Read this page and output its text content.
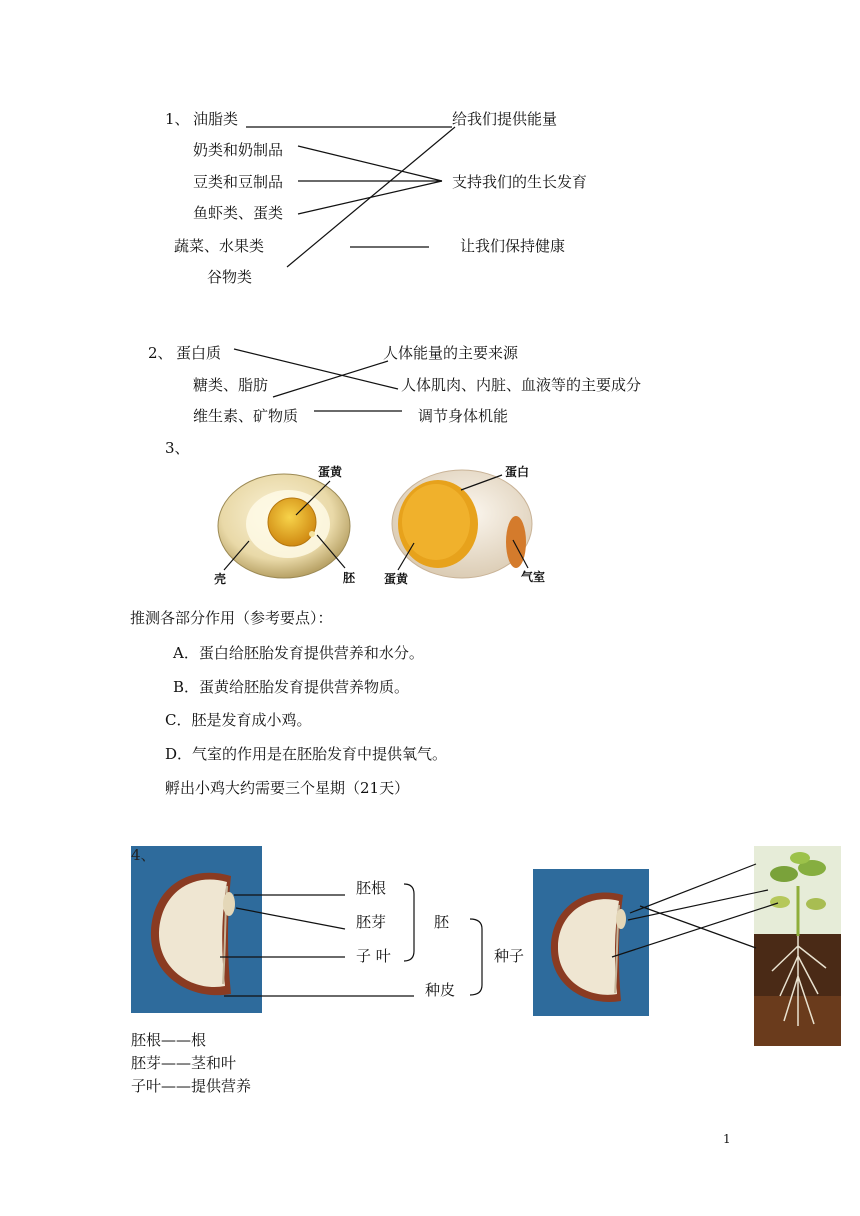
1、 油脂类
奶类和奶制品
豆类和豆制品
鱼虾类、蛋类
蔬菜、水果类
谷物类
给我们提供能量
支持我们的生长发育
让我们保持健康
2、 蛋白质
糖类、脂肪
维生素、矿物质
人体能量的主要来源
人体肌肉、内脏、血液等的主要成分
调节身体机能
3、
蛋黄
壳	胚
蛋白
蛋黄	气室
推测各部分作用（参考要点）：
A．蛋白给胚胎发育提供营养和水分。
B．蛋黄给胚胎发育提供营养物质。
C．胚是发育成小鸡。
D．气室的作用是在胚胎发育中提供氧气。
孵出小鸡大约需要三个星期（21天）
4、
胚根
胚芽
子 叶
胚
种皮
种子
胚根——根
胚芽——茎和叶
子叶——提供营养
1
